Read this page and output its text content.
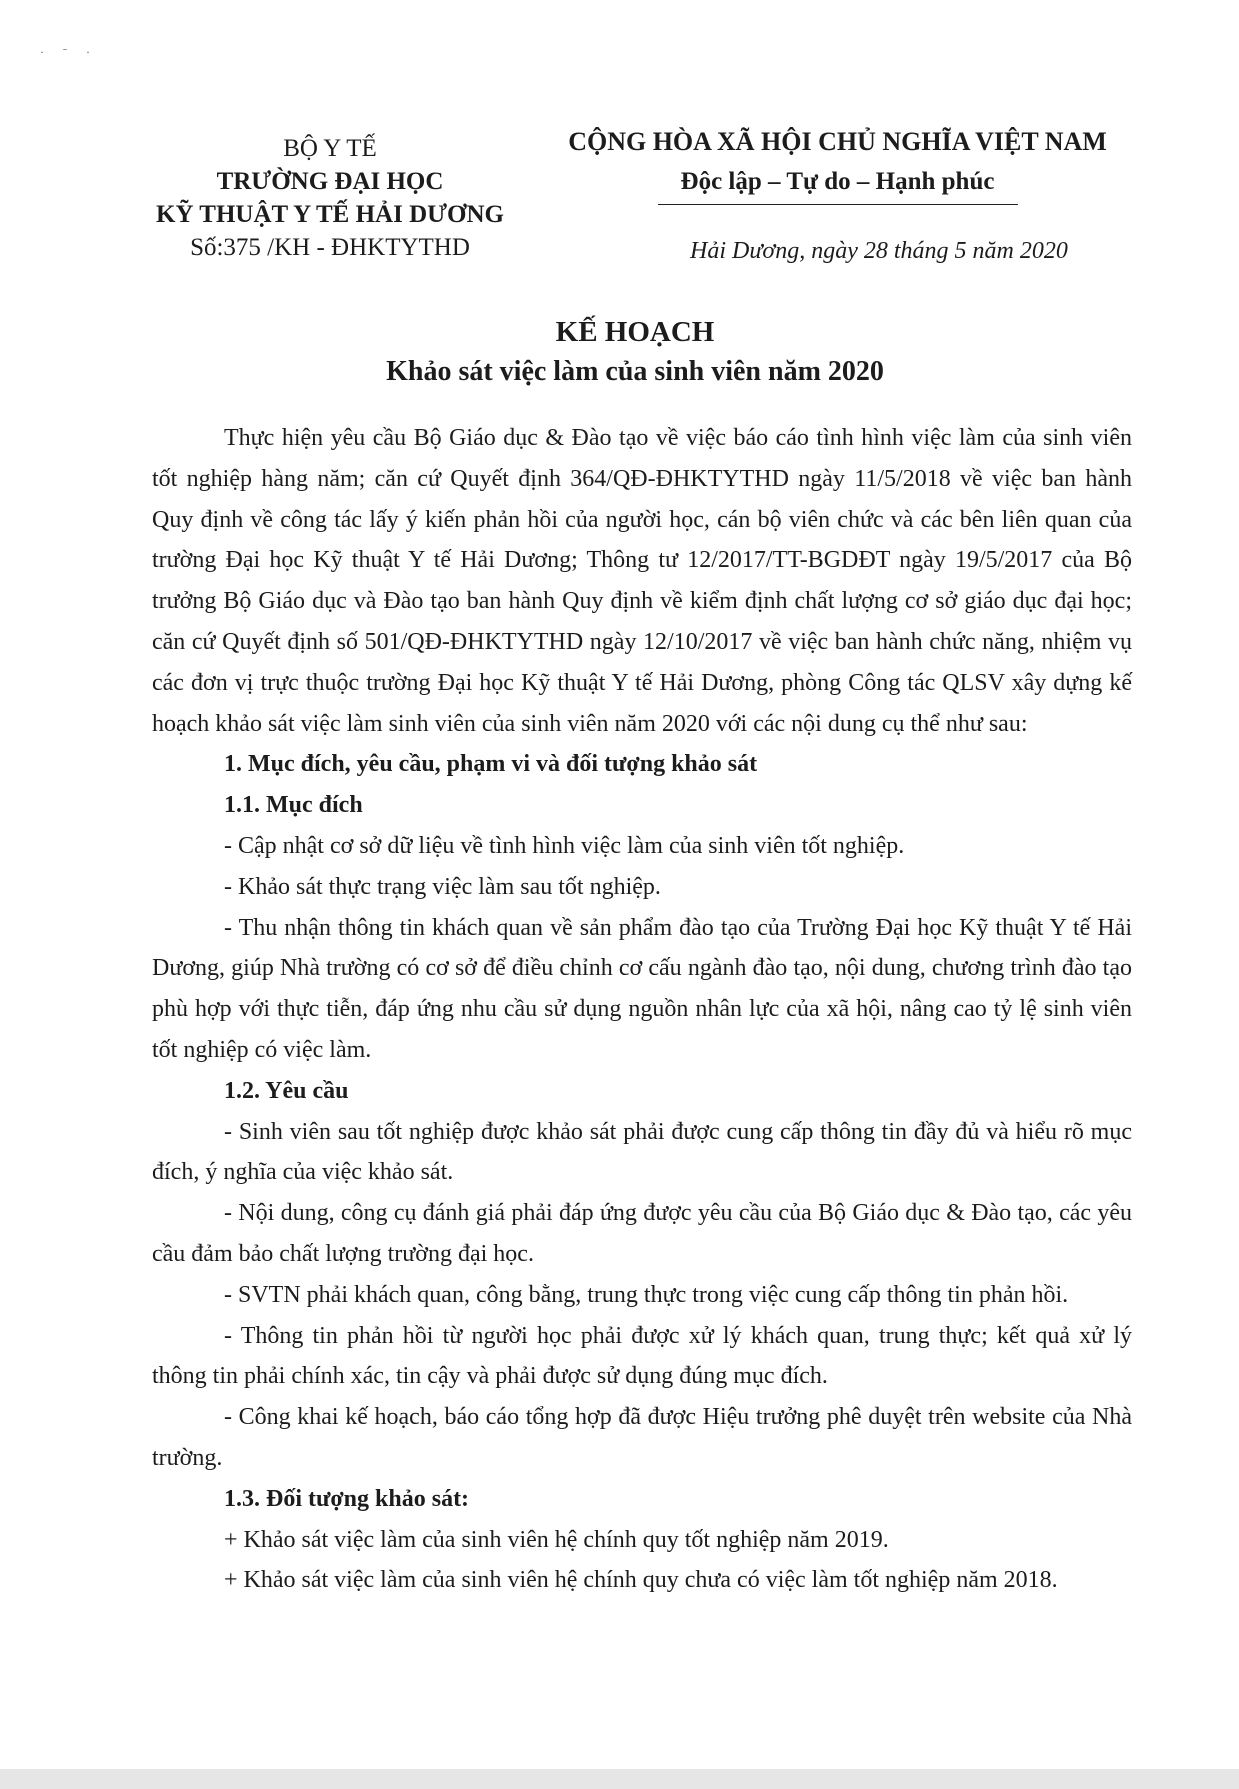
· ˉ ·
BỘ Y TẾ
TRƯỜNG ĐẠI HỌC
KỸ THUẬT Y TẾ HẢI DƯƠNG
Số:375 /KH - ĐHKTYTHD
CỘNG HÒA XÃ HỘI CHỦ NGHĨA VIỆT NAM
Độc lập – Tự do – Hạnh phúc
Hải Dương, ngày 28 tháng 5 năm 2020
KẾ HOẠCH
Khảo sát việc làm của sinh viên năm 2020

Thực hiện yêu cầu Bộ Giáo dục & Đào tạo về việc báo cáo tình hình việc làm của sinh viên tốt nghiệp hàng năm; căn cứ Quyết định 364/QĐ-ĐHKTYTHD ngày 11/5/2018 về việc ban hành Quy định về công tác lấy ý kiến phản hồi của người học, cán bộ viên chức và các bên liên quan của trường Đại học Kỹ thuật Y tế Hải Dương; Thông tư 12/2017/TT-BGDĐT ngày 19/5/2017 của Bộ trưởng Bộ Giáo dục và Đào tạo ban hành Quy định về kiểm định chất lượng cơ sở giáo dục đại học; căn cứ Quyết định số 501/QĐ-ĐHKTYTHD ngày 12/10/2017 về việc ban hành chức năng, nhiệm vụ các đơn vị trực thuộc trường Đại học Kỹ thuật Y tế Hải Dương, phòng Công tác QLSV xây dựng kế hoạch khảo sát việc làm sinh viên của sinh viên năm 2020 với các nội dung cụ thể như sau:

1. Mục đích, yêu cầu, phạm vi và đối tượng khảo sát

1.1. Mục đích

- Cập nhật cơ sở dữ liệu về tình hình việc làm của sinh viên tốt nghiệp.

- Khảo sát thực trạng việc làm sau tốt nghiệp.

- Thu nhận thông tin khách quan về sản phẩm đào tạo của Trường Đại học Kỹ thuật Y tế Hải Dương, giúp Nhà trường có cơ sở để điều chỉnh cơ cấu ngành đào tạo, nội dung, chương trình đào tạo phù hợp với thực tiễn, đáp ứng nhu cầu sử dụng nguồn nhân lực của xã hội, nâng cao tỷ lệ sinh viên tốt nghiệp có việc làm.

1.2. Yêu cầu

- Sinh viên sau tốt nghiệp được khảo sát phải được cung cấp thông tin đầy đủ và hiểu rõ mục đích, ý nghĩa của việc khảo sát.

- Nội dung, công cụ đánh giá phải đáp ứng được yêu cầu của Bộ Giáo dục & Đào tạo, các yêu cầu đảm bảo chất lượng trường đại học.

- SVTN phải khách quan, công bằng, trung thực trong việc cung cấp thông tin phản hồi.

- Thông tin phản hồi từ người học phải được xử lý khách quan, trung thực; kết quả xử lý thông tin phải chính xác, tin cậy và phải được sử dụng đúng mục đích.

- Công khai kế hoạch, báo cáo tổng hợp đã được Hiệu trưởng phê duyệt trên website của Nhà trường.

1.3. Đối tượng khảo sát:

+ Khảo sát việc làm của sinh viên hệ chính quy tốt nghiệp năm 2019.

+ Khảo sát việc làm của sinh viên hệ chính quy chưa có việc làm tốt nghiệp năm 2018.
